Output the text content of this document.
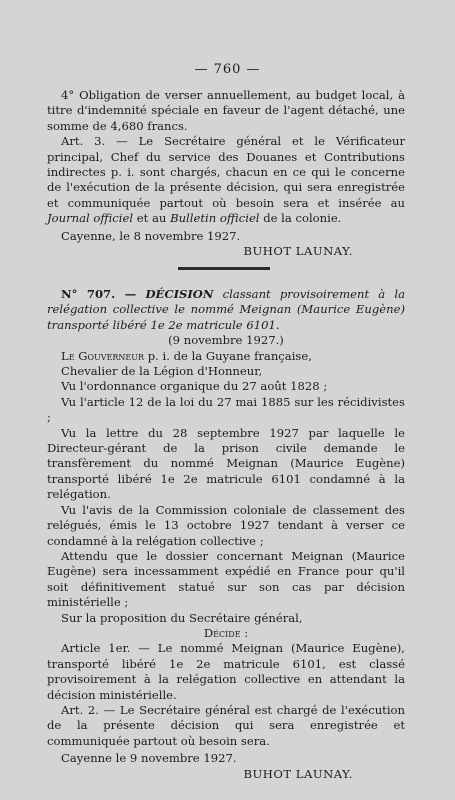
— 760 —

4° Obligation de verser annuellement, au budget local, à titre d'indemnité spéciale en faveur de l'agent détaché, une somme de 4,680 francs.

Art. 3. — Le Secrétaire général et le Vérificateur principal, Chef du service des Douanes et Contributions indirectes p. i. sont chargés, chacun en ce qui le concerne de l'exécution de la présente décision, qui sera enregistrée et communiquée partout où besoin sera et insérée au Journal officiel et au Bulletin officiel de la colonie.

Cayenne, le 8 novembre 1927.

BUHOT LAUNAY.

N° 707. — DÉCISION classant provisoirement à la relégation collective le nommé Meignan (Maurice Eugène) transporté libéré 1e 2e matricule 6101.

(9 novembre 1927.)

Le Gouverneur p. i. de la Guyane française,

Chevalier de la Légion d'Honneur,

Vu l'ordonnance organique du 27 août 1828 ;

Vu l'article 12 de la loi du 27 mai 1885 sur les récidivistes ;

Vu la lettre du 28 septembre 1927 par laquelle le Directeur-gérant de la prison civile demande le transfèrement du nommé Meignan (Maurice Eugène) transporté libéré 1e 2e matricule 6101 condamné à la relégation.

Vu l'avis de la Commission coloniale de classement des relégués, émis le 13 octobre 1927 tendant à verser ce condamné à la relégation collective ;

Attendu que le dossier concernant Meignan (Maurice Eugène) sera incessamment expédié en France pour qu'il soit définitivement statué sur son cas par décision ministérielle ;

Sur la proposition du Secrétaire général,

Décide :

Article 1er. — Le nommé Meignan (Maurice Eugène), transporté libéré 1e 2e matricule 6101, est classé provisoirement à la relégation collective en attendant la décision ministérielle.

Art. 2. — Le Secrétaire général est chargé de l'exécution de la présente décision qui sera enregistrée et communiquée partout où besoin sera.

Cayenne le 9 novembre 1927.

BUHOT LAUNAY.
